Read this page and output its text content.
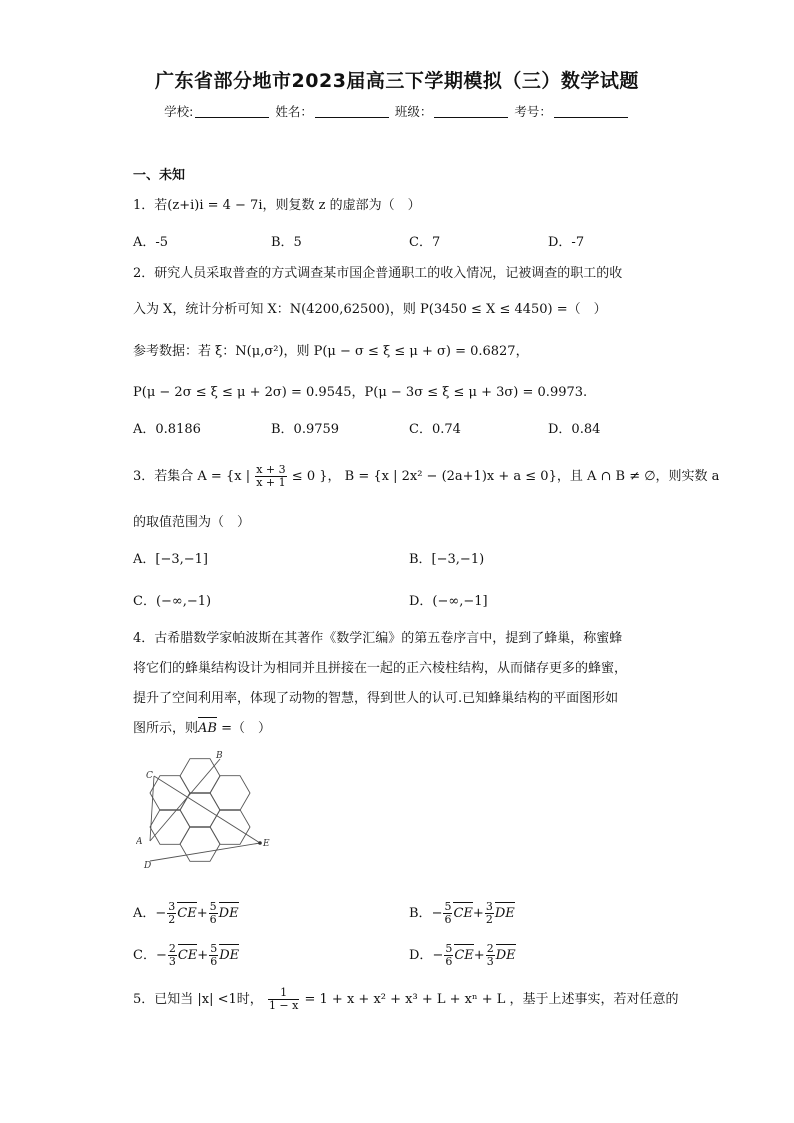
广东省部分地市2023届高三下学期模拟（三）数学试题
学校:	姓名：	班级：	考号：
一、未知
1．若(z+i)i = 4 − 7i，则复数 z 的虚部为（　）
A．-5	B．5	C．7	D．-7
2．研究人员采取普查的方式调查某市国企普通职工的收入情况，记被调查的职工的收
入为 X，统计分析可知 X：N(4200,62500)，则 P(3450 ≤ X ≤ 4450) =（　）
参考数据：若 ξ：N(μ,σ²)，则 P(μ − σ ≤ ξ ≤ μ + σ) = 0.6827，
P(μ − 2σ ≤ ξ ≤ μ + 2σ) = 0.9545，P(μ − 3σ ≤ ξ ≤ μ + 3σ) = 0.9973.
A．0.8186	B．0.9759	C．0.74	D．0.84
3．若集合 A = {x | $\frac{x + 3}{x + 1} \le 0$ }， B = {x | 2x² − (2a+1)x + a ≤ 0}，且 A ∩ B ≠ ∅，则实数 a
的取值范围为（　）
A．[−3,−1]	B．[−3,−1)
C．(−∞,−1)	D．(−∞,−1]
4．古希腊数学家帕波斯在其著作《数学汇编》的第五卷序言中，提到了蜂巢，称蜜蜂
将它们的蜂巢结构设计为相同并且拼接在一起的正六棱柱结构，从而储存更多的蜂蜜，
提升了空间利用率，体现了动物的智慧，得到世人的认可.已知蜂巢结构的平面图形如
图所示，则AB =（　）
A
B
C
D
E
A．− $\frac{3}{2} CE+ \frac{5}{6}$ DE	B．− $\frac{5}{6} CE+ \frac{3}{2}$ DE
C．− $\frac{2}{3} CE+ \frac{5}{6}$ DE	D．− $\frac{5}{6} CE+ \frac{2}{3}$ DE
5．已知当 |x| <1时， $\frac{1}{1 - x} = 1 + x + x^2 + x^3 + L + x^n + L$ ，基于上述事实，若对任意的
